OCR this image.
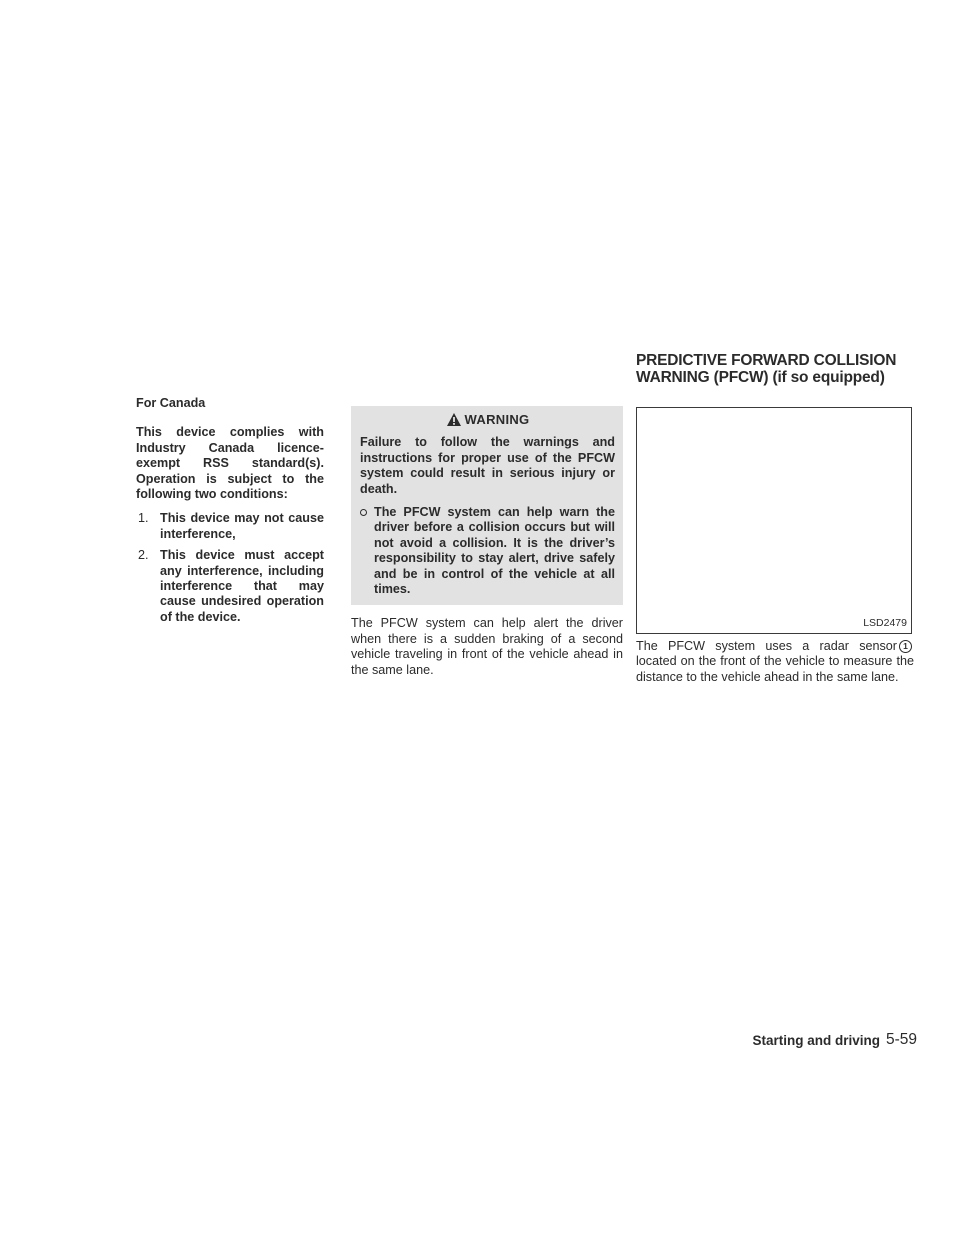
PREDICTIVE FORWARD COLLISION
WARNING (PFCW) (if so equipped)
For Canada

This device complies with Industry Canada licence-exempt RSS standard(s). Operation is subject to the following two conditions:

1. This device may not cause interference,
2. This device must accept any interference, including interference that may cause undesired operation of the device.
WARNING

Failure to follow the warnings and instructions for proper use of the PFCW system could result in serious injury or death.

The PFCW system can help warn the driver before a collision occurs but will not avoid a collision. It is the driver’s responsibility to stay alert, drive safely and be in control of the vehicle at all times.

The PFCW system can help alert the driver when there is a sudden braking of a second vehicle traveling in front of the vehicle ahead in the same lane.

LSD2479

The PFCW system uses a radar sensor 1located on the front of the vehicle to measure the distance to the vehicle ahead in the same lane.

Starting and driving 5-59
